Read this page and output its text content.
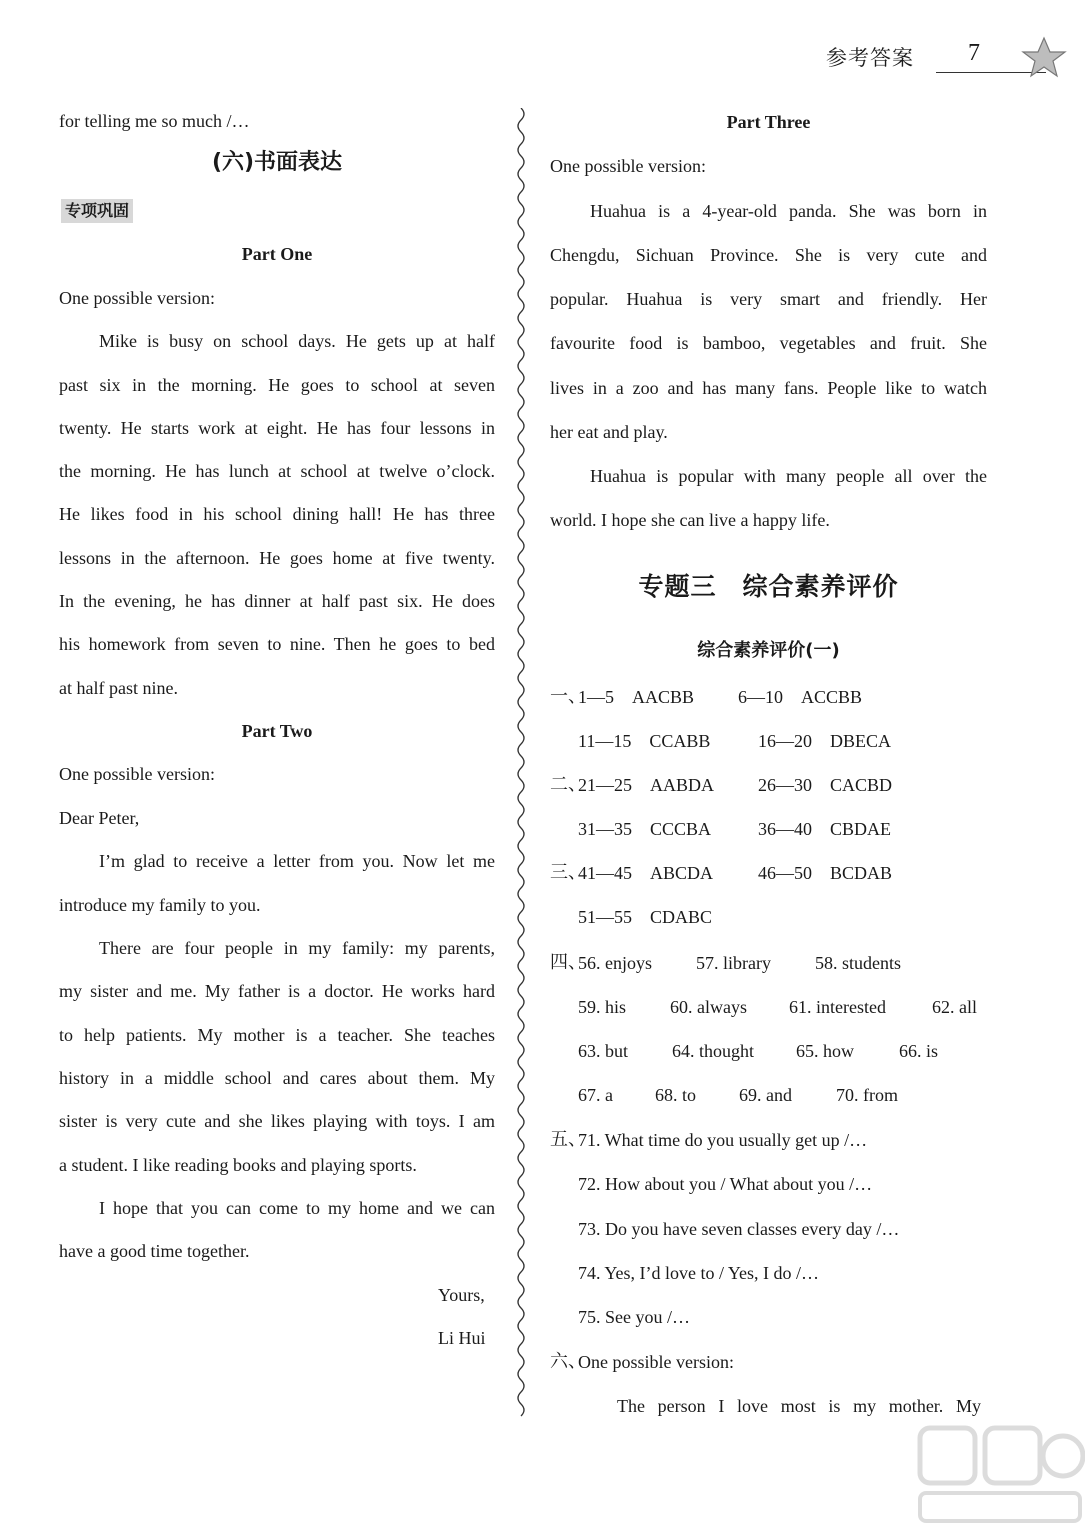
参考答案 7
for telling me so much /…
(六)书面表达
专项巩固
Part One
One possible version:
Mike is busy on school days. He gets up at half
past six in the morning. He goes to school at seven
twenty. He starts work at eight. He has four lessons in
the morning. He has lunch at school at twelve o’clock.
He likes food in his school dining hall! He has three
lessons in the afternoon. He goes home at five twenty.
In the evening, he has dinner at half past six. He does
his homework from seven to nine. Then he goes to bed
at half past nine.
Part Two
One possible version:
Dear Peter,
I’m glad to receive a letter from you. Now let me
introduce my family to you.
There are four people in my family: my parents,
my sister and me. My father is a doctor. He works hard
to help patients. My mother is a teacher. She teaches
history in a middle school and cares about them. My
sister is very cute and she likes playing with toys. I am
a student. I like reading books and playing sports.
I hope that you can come to my home and we can
have a good time together.
Yours,
Li Hui
Part Three
One possible version:
Huahua is a 4-year-old panda. She was born in
Chengdu, Sichuan Province. She is very cute and
popular. Huahua is very smart and friendly. Her
favourite food is bamboo, vegetables and fruit. She
lives in a zoo and has many fans. People like to watch
her eat and play.
Huahua is popular with many people all over the
world. I hope she can live a happy life.
专题三　综合素养评价
综合素养评价(一)
一、
1—5　AACBB 6—10　ACCBB
11—15　CCABB	16—20　DBECA
二、
21—25　AABDA 26—30　CACBD
31—35　CCCBA	36—40　CBDAE
三、
41—45　ABCDA 46—50　BCDAB
51—55　CDABC
四、
56. enjoys 57. library 58. students
59. his 60. always 61. interested	62. all
63. but 64. thought 65. how	66. is
67. a 68. to 69. and 70. from
五、
71. What time do you usually get up /…
72. How about you / What about you /…
73. Do you have seven classes every day /…
74. Yes, I’d love to / Yes, I do /…
75. See you /…
六、
One possible version:
The person I love most is my mother. My
